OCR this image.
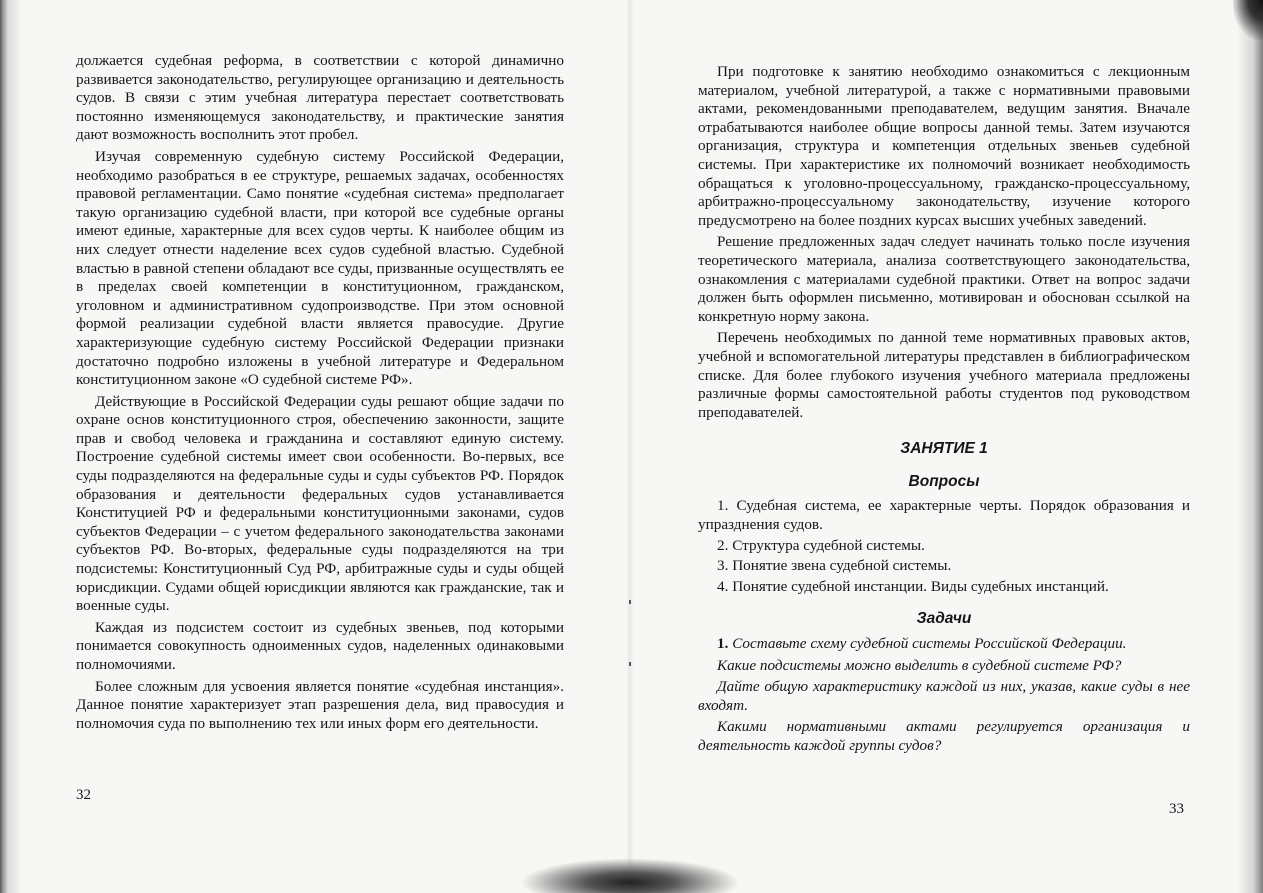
должается судебная реформа, в соответствии с которой динамично развивается законодательство, регулирующее организацию и деятельность судов. В связи с этим учебная литература перестает соответствовать постоянно изменяющемуся законодательству, и практические занятия дают возможность восполнить этот пробел.

Изучая современную судебную систему Российской Федерации, необходимо разобраться в ее структуре, решаемых задачах, особенностях правовой регламентации. Само понятие «судебная система» предполагает такую организацию судебной власти, при которой все судебные органы имеют единые, характерные для всех судов черты. К наиболее общим из них следует отнести наделение всех судов судебной властью. Судебной властью в равной степени обладают все суды, призванные осуществлять ее в пределах своей компетенции в конституционном, гражданском, уголовном и административном судопроизводстве. При этом основной формой реализации судебной власти является правосудие. Другие характеризующие судебную систему Российской Федерации признаки достаточно подробно изложены в учебной литературе и Федеральном конституционном законе «О судебной системе РФ».

Действующие в Российской Федерации суды решают общие задачи по охране основ конституционного строя, обеспечению законности, защите прав и свобод человека и гражданина и составляют единую систему. Построение судебной системы имеет свои особенности. Во-первых, все суды подразделяются на федеральные суды и суды субъектов РФ. Порядок образования и деятельности федеральных судов устанавливается Конституцией РФ и федеральными конституционными законами, судов субъектов Федерации – с учетом федерального законодательства законами субъектов РФ. Во-вторых, федеральные суды подразделяются на три подсистемы: Конституционный Суд РФ, арбитражные суды и суды общей юрисдикции. Судами общей юрисдикции являются как гражданские, так и военные суды.

Каждая из подсистем состоит из судебных звеньев, под которыми понимается совокупность одноименных судов, наделенных одинаковыми полномочиями.

Более сложным для усвоения является понятие «судебная инстанция». Данное понятие характеризует этап разрешения дела, вид правосудия и полномочия суда по выполнению тех или иных форм его деятельности.

32

При подготовке к занятию необходимо ознакомиться с лекционным материалом, учебной литературой, а также с нормативными правовыми актами, рекомендованными преподавателем, ведущим занятия. Вначале отрабатываются наиболее общие вопросы данной темы. Затем изучаются организация, структура и компетенция отдельных звеньев судебной системы. При характеристике их полномочий возникает необходимость обращаться к уголовно-процессуальному, гражданско-процессуальному, арбитражно-процессуальному законодательству, изучение которого предусмотрено на более поздних курсах высших учебных заведений.

Решение предложенных задач следует начинать только после изучения теоретического материала, анализа соответствующего законодательства, ознакомления с материалами судебной практики. Ответ на вопрос задачи должен быть оформлен письменно, мотивирован и обоснован ссылкой на конкретную норму закона.

Перечень необходимых по данной теме нормативных правовых актов, учебной и вспомогательной литературы представлен в библиографическом списке. Для более глубокого изучения учебного материала предложены различные формы самостоятельной работы студентов под руководством преподавателей.

ЗАНЯТИЕ 1
Вопросы
1. Судебная система, ее характерные черты. Порядок образования и упразднения судов.
2. Структура судебной системы.
3. Понятие звена судебной системы.
4. Понятие судебной инстанции. Виды судебных инстанций.
Задачи

1. Составьте схему судебной системы Российской Федерации.

Какие подсистемы можно выделить в судебной системе РФ?

Дайте общую характеристику каждой из них, указав, какие суды в нее входят.

Какими нормативными актами регулируется организация и деятельность каждой группы судов?

33
